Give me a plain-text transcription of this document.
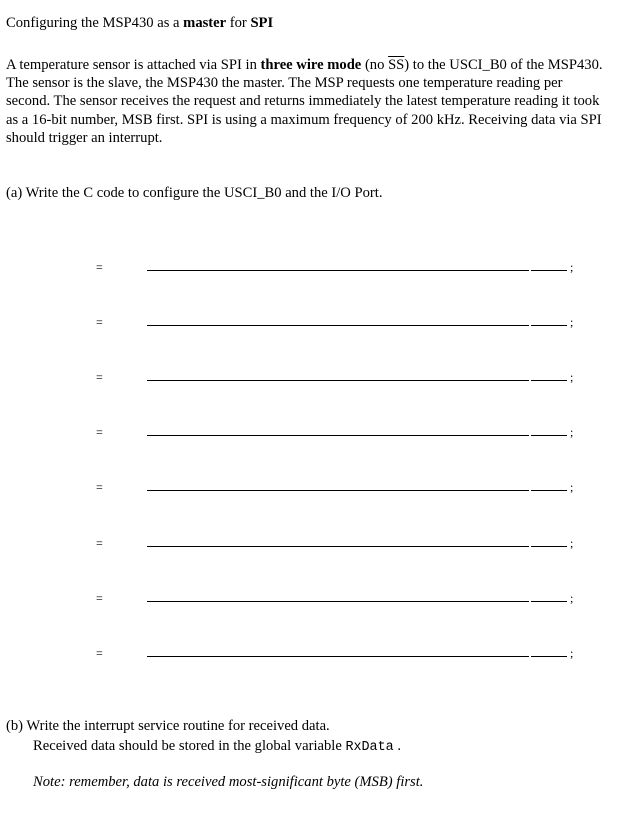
Configuring the MSP430 as a master for SPI

A temperature sensor is attached via SPI in three wire mode (no $\overline{SS}$) to the USCI_B0 of the MSP430. The sensor is the slave, the MSP430 the master. The MSP requests one temperature reading per second. The sensor receives the request and returns immediately the latest temperature reading it took as a 16-bit number, MSB first. SPI is using a maximum frequency of 200 kHz. Receiving data via SPI should trigger an interrupt.

(a) Write the C code to configure the USCI_B0 and the I/O Port.
=	;
=	;
=	;
=	;
=	;
=	;
=	;
=	;
(b) Write the interrupt service routine for received data.
Received data should be stored in the global variable RxData .
Note: remember, data is received most-significant byte (MSB) first.
